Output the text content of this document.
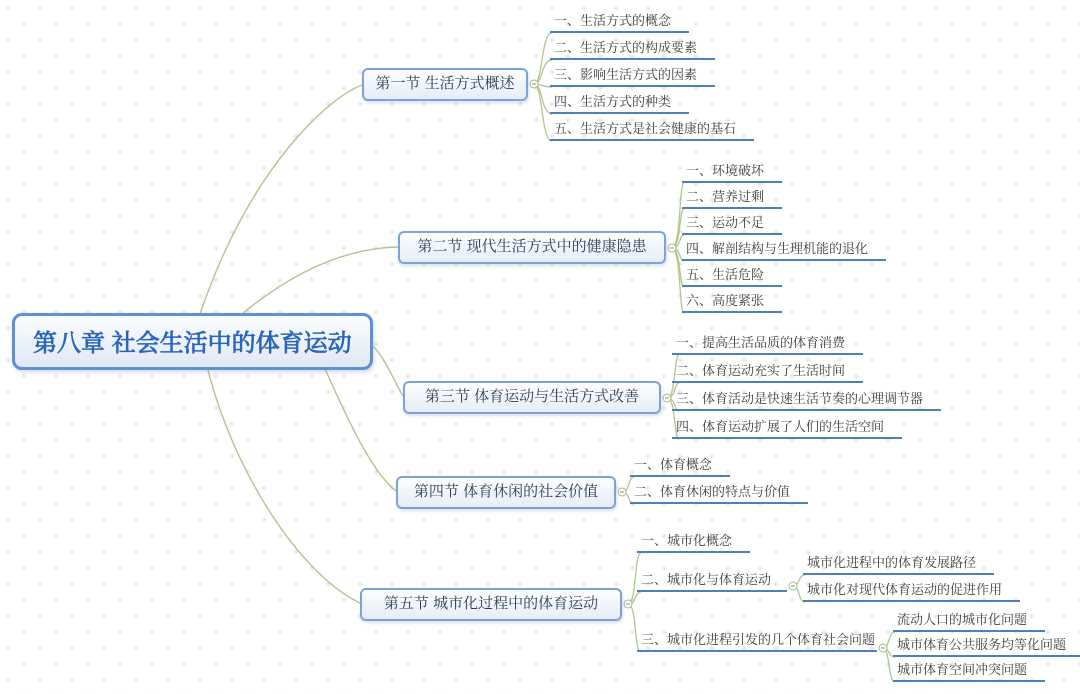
第八章 社会生活中的体育运动
第一节 生活方式概述
第二节 现代生活方式中的健康隐患
第三节 体育运动与生活方式改善
第四节 体育休闲的社会价值
第五节 城市化过程中的体育运动
一、生活方式的概念
二、生活方式的构成要素
三、影响生活方式的因素
四、生活方式的种类
五、生活方式是社会健康的基石
一、环境破坏
二、营养过剩
三、运动不足
四、解剖结构与生理机能的退化
五、生活危险
六、高度紧张
一、提高生活品质的体育消费
二、体育运动充实了生活时间
三、体育活动是快速生活节奏的心理调节器
四、体育运动扩展了人们的生活空间
一、体育概念
二、体育休闲的特点与价值
一、城市化概念
二、城市化与体育运动
三、城市化进程引发的几个体育社会问题
城市化进程中的体育发展路径
城市化对现代体育运动的促进作用
流动人口的城市化问题
城市体育公共服务均等化问题
城市体育空间冲突问题
